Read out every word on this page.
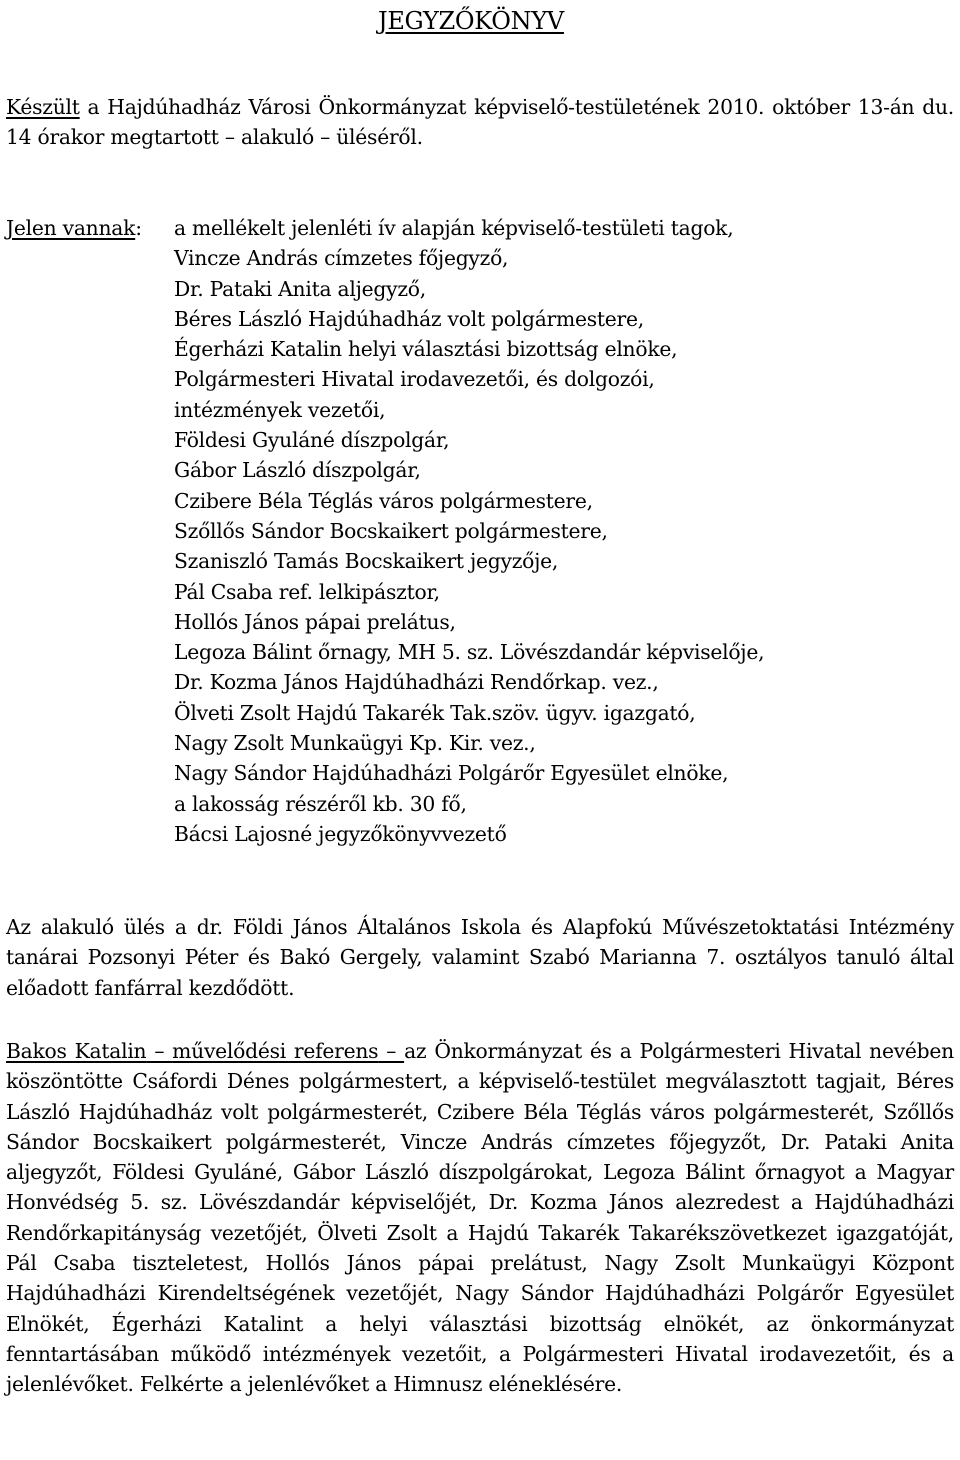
JEGYZŐKÖNYV

Készült a Hajdúhadház Városi Önkormányzat képviselő-testületének 2010. október 13-án du. 14 órakor megtartott – alakuló – üléséről.

Jelen vannak: a mellékelt jelenléti ív alapján képviselő-testületi tagok,
Vincze András címzetes főjegyző,
Dr. Pataki Anita aljegyző,
Béres László Hajdúhadház volt polgármestere,
Égerházi Katalin helyi választási bizottság elnöke,
Polgármesteri Hivatal irodavezetői, és dolgozói,
intézmények vezetői,
Földesi Gyuláné díszpolgár,
Gábor László díszpolgár,
Czibere Béla Téglás város polgármestere,
Szőllős Sándor Bocskaikert polgármestere,
Szaniszló Tamás Bocskaikert jegyzője,
Pál Csaba ref. lelkipásztor,
Hollós János pápai prelátus,
Legoza Bálint őrnagy, MH 5. sz. Lövészdandár képviselője,
Dr. Kozma János Hajdúhadházi Rendőrkap. vez.,
Ölveti Zsolt Hajdú Takarék Tak.szöv. ügyv. igazgató,
Nagy Zsolt Munkaügyi Kp. Kir. vez.,
Nagy Sándor Hajdúhadházi Polgárőr Egyesület elnöke,
a lakosság részéről kb. 30 fő,
Bácsi Lajosné jegyzőkönyvvezető

Az alakuló ülés a dr. Földi János Általános Iskola és Alapfokú Művészetoktatási Intézmény tanárai Pozsonyi Péter és Bakó Gergely, valamint Szabó Marianna 7. osztályos tanuló által előadott fanfárral kezdődött.

Bakos Katalin – művelődési referens – az Önkormányzat és a Polgármesteri Hivatal nevében köszöntötte Csáfordi Dénes polgármestert, a képviselő-testület megválasztott tagjait, Béres László Hajdúhadház volt polgármesterét, Czibere Béla Téglás város polgármesterét, Szőllős Sándor Bocskaikert polgármesterét, Vincze András címzetes főjegyzőt, Dr. Pataki Anita aljegyzőt, Földesi Gyuláné, Gábor László díszpolgárokat, Legoza Bálint őrnagyot a Magyar Honvédség 5. sz. Lövészdandár képviselőjét, Dr. Kozma János alezredest a Hajdúhadházi Rendőrkapitányság vezetőjét, Ölveti Zsolt a Hajdú Takarék Takarékszövetkezet igazgatóját, Pál Csaba tiszteletest, Hollós János pápai prelátust, Nagy Zsolt Munkaügyi Központ Hajdúhadházi Kirendeltségének vezetőjét, Nagy Sándor Hajdúhadházi Polgárőr Egyesület Elnökét, Égerházi Katalint a helyi választási bizottság elnökét, az önkormányzat fenntartásában működő intézmények vezetőit, a Polgármesteri Hivatal irodavezetőit, és a jelenlévőket. Felkérte a jelenlévőket a Himnusz eléneklésére.
